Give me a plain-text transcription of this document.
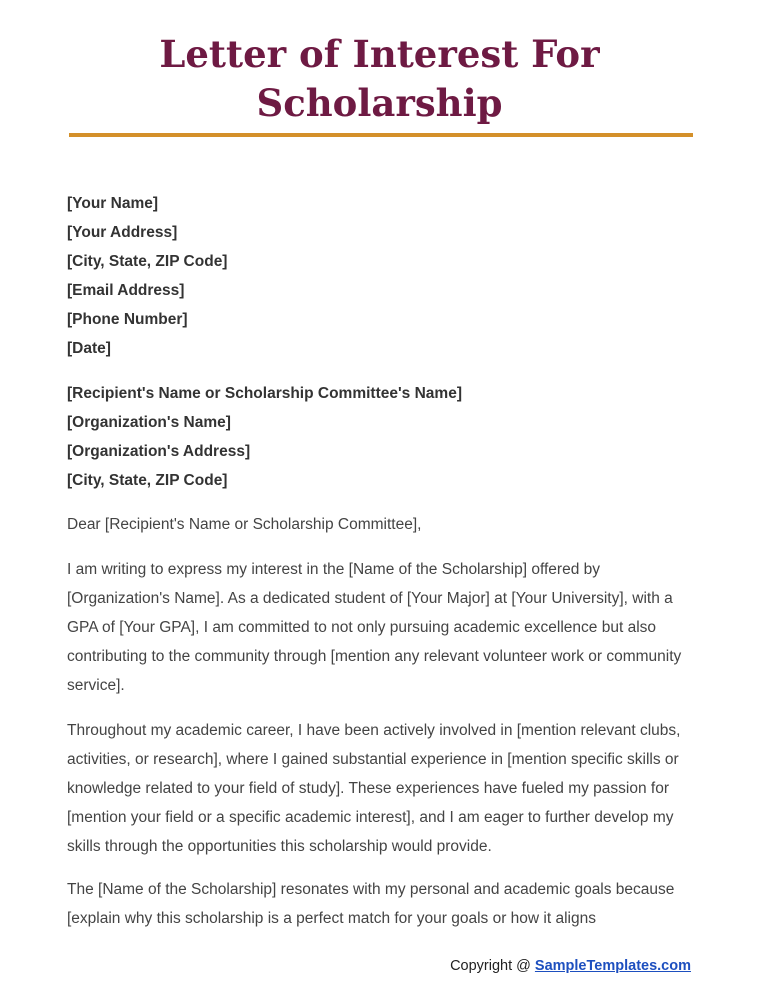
Letter of Interest For
Scholarship
[Your Name]
[Your Address]
[City, State, ZIP Code]
[Email Address]
[Phone Number]
[Date]
[Recipient's Name or Scholarship Committee's Name]
[Organization's Name]
[Organization's Address]
[City, State, ZIP Code]

Dear [Recipient's Name or Scholarship Committee],

I am writing to express my interest in the [Name of the Scholarship] offered by [Organization's Name]. As a dedicated student of [Your Major] at [Your University], with a GPA of [Your GPA], I am committed to not only pursuing academic excellence but also contributing to the community through [mention any relevant volunteer work or community service].

Throughout my academic career, I have been actively involved in [mention relevant clubs, activities, or research], where I gained substantial experience in [mention specific skills or knowledge related to your field of study]. These experiences have fueled my passion for [mention your field or a specific academic interest], and I am eager to further develop my skills through the opportunities this scholarship would provide.

The [Name of the Scholarship] resonates with my personal and academic goals because [explain why this scholarship is a perfect match for your goals or how it aligns

Copyright @ SampleTemplates.com
